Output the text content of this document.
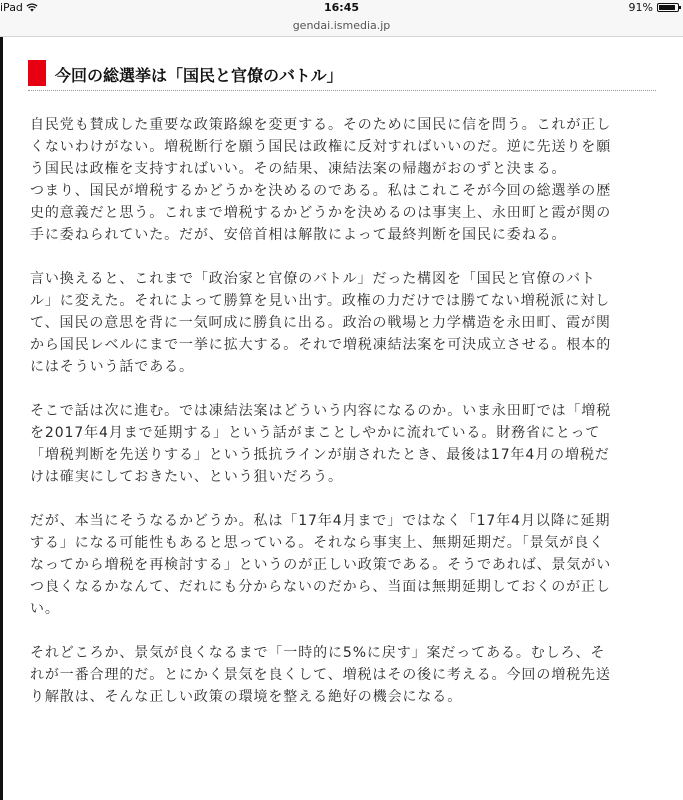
iPad	16:45	91%
gendai.ismedia.jp
今回の総選挙は「国民と官僚のバトル」

自民党も賛成した重要な政策路線を変更する。そのために国民に信を問う。これが正し
くないわけがない。増税断行を願う国民は政権に反対すればいいのだ。逆に先送りを願
う国民は政権を支持すればいい。その結果、凍結法案の帰趨がおのずと決まる。
つまり、国民が増税するかどうかを決めるのである。私はこれこそが今回の総選挙の歴
史的意義だと思う。これまで増税するかどうかを決めるのは事実上、永田町と霞が関の
手に委ねられていた。だが、安倍首相は解散によって最終判断を国民に委ねる。

言い換えると、これまで「政治家と官僚のバトル」だった構図を「国民と官僚のバト
ル」に変えた。それによって勝算を見い出す。政権の力だけでは勝てない増税派に対し
て、国民の意思を背に一気呵成に勝負に出る。政治の戦場と力学構造を永田町、霞が関
から国民レベルにまで一挙に拡大する。それで増税凍結法案を可決成立させる。根本的
にはそういう話である。

そこで話は次に進む。では凍結法案はどういう内容になるのか。いま永田町では「増税
を2017年4月まで延期する」という話がまことしやかに流れている。財務省にとって
「増税判断を先送りする」という抵抗ラインが崩されたとき、最後は17年4月の増税だ
けは確実にしておきたい、という狙いだろう。

だが、本当にそうなるかどうか。私は「17年4月まで」ではなく「17年4月以降に延期
する」になる可能性もあると思っている。それなら事実上、無期延期だ。「景気が良く
なってから増税を再検討する」というのが正しい政策である。そうであれば、景気がい
つ良くなるかなんて、だれにも分からないのだから、当面は無期延期しておくのが正し
い。

それどころか、景気が良くなるまで「一時的に5%に戻す」案だってある。むしろ、そ
れが一番合理的だ。とにかく景気を良くして、増税はその後に考える。今回の増税先送
り解散は、そんな正しい政策の環境を整える絶好の機会になる。
